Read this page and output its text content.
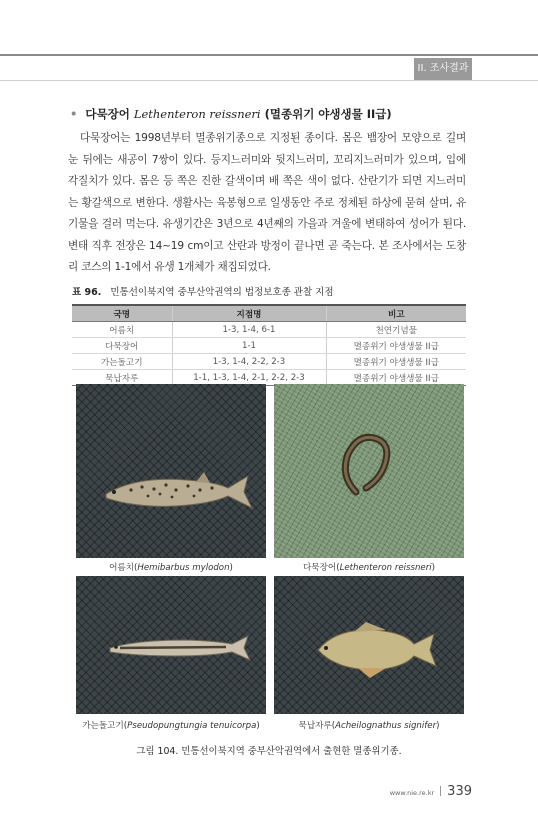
II. 조사결과
• 다묵장어 Lethenteron reissneri (멸종위기 야생생물 II급)

다묵장어는 1998년부터 멸종위기종으로 지정된 종이다. 몸은 뱀장어 모양으로 길며 눈 뒤에는 새공이 7쌍이 있다. 등지느러미와 뒷지느러미, 꼬리지느러미가 있으며, 입에 각질치가 있다. 몸은 등 쪽은 진한 갈색이며 배 쪽은 색이 없다. 산란기가 되면 지느러미는 황갈색으로 변한다. 생활사는 육봉형으로 일생동안 주로 정체된 하상에 묻혀 살며, 유기물을 걸러 먹는다. 유생기간은 3년으로 4년째의 가을과 겨울에 변태하여 성어가 된다. 변태 직후 전장은 14~19 cm이고 산란과 방정이 끝나면 곧 죽는다. 본 조사에서는 도창리 코스의 1-1에서 유생 1개체가 채집되었다.

표 96. 민통선이북지역 중부산악권역의 법정보호종 관찰 지점
국명	지점명	비고
어름치	1-3, 1-4, 6-1	천연기념물
다묵장어	1-1	멸종위기 야생생물 II급
가는돌고기	1-3, 1-4, 2-2, 2-3	멸종위기 야생생물 II급
묵납자루	1-1, 1-3, 1-4, 2-1, 2-2, 2-3	멸종위기 야생생물 II급
어름치(Hemibarbus mylodon)	다묵장어(Lethenteron reissneri)
가는돌고기(Pseudopungtungia tenuicorpa)	묵납자루(Acheilognathus signifer)
그림 104. 민통선이북지역 중부산악권역에서 출현한 멸종위기종.
www.nie.re.kr 339
